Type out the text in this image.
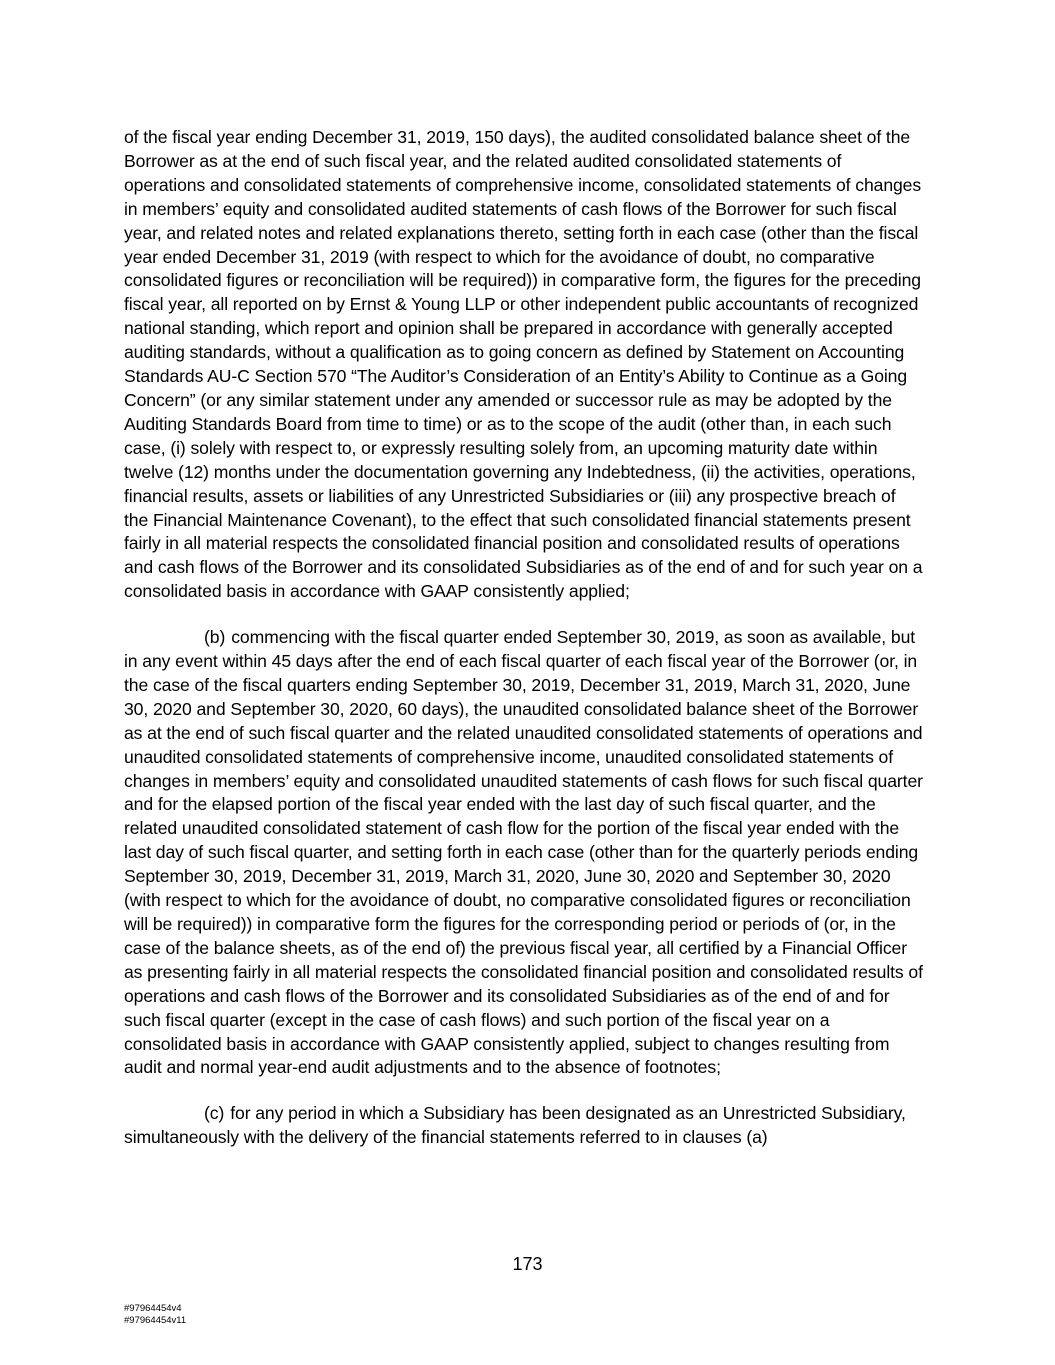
of the fiscal year ending December 31, 2019, 150 days), the audited consolidated balance sheet of the Borrower as at the end of such fiscal year, and the related audited consolidated statements of operations and consolidated statements of comprehensive income, consolidated statements of changes in members’ equity and consolidated audited statements of cash flows of the Borrower for such fiscal year, and related notes and related explanations thereto, setting forth in each case (other than the fiscal year ended December 31, 2019 (with respect to which for the avoidance of doubt, no comparative consolidated figures or reconciliation will be required)) in comparative form, the figures for the preceding fiscal year, all reported on by Ernst & Young LLP or other independent public accountants of recognized national standing, which report and opinion shall be prepared in accordance with generally accepted auditing standards, without a qualification as to going concern as defined by Statement on Accounting Standards AU-C Section 570 “The Auditor’s Consideration of an Entity’s Ability to Continue as a Going Concern” (or any similar statement under any amended or successor rule as may be adopted by the Auditing Standards Board from time to time) or as to the scope of the audit (other than, in each such case, (i) solely with respect to, or expressly resulting solely from, an upcoming maturity date within twelve (12) months under the documentation governing any Indebtedness, (ii) the activities, operations, financial results, assets or liabilities of any Unrestricted Subsidiaries or (iii) any prospective breach of the Financial Maintenance Covenant), to the effect that such consolidated financial statements present fairly in all material respects the consolidated financial position and consolidated results of operations and cash flows of the Borrower and its consolidated Subsidiaries as of the end of and for such year on a consolidated basis in accordance with GAAP consistently applied;

(b) commencing with the fiscal quarter ended September 30, 2019, as soon as available, but in any event within 45 days after the end of each fiscal quarter of each fiscal year of the Borrower (or, in the case of the fiscal quarters ending September 30, 2019, December 31, 2019, March 31, 2020, June 30, 2020 and September 30, 2020, 60 days), the unaudited consolidated balance sheet of the Borrower as at the end of such fiscal quarter and the related unaudited consolidated statements of operations and unaudited consolidated statements of comprehensive income, unaudited consolidated statements of changes in members’ equity and consolidated unaudited statements of cash flows for such fiscal quarter and for the elapsed portion of the fiscal year ended with the last day of such fiscal quarter, and the related unaudited consolidated statement of cash flow for the portion of the fiscal year ended with the last day of such fiscal quarter, and setting forth in each case (other than for the quarterly periods ending September 30, 2019, December 31, 2019, March 31, 2020, June 30, 2020 and September 30, 2020 (with respect to which for the avoidance of doubt, no comparative consolidated figures or reconciliation will be required)) in comparative form the figures for the corresponding period or periods of (or, in the case of the balance sheets, as of the end of) the previous fiscal year, all certified by a Financial Officer as presenting fairly in all material respects the consolidated financial position and consolidated results of operations and cash flows of the Borrower and its consolidated Subsidiaries as of the end of and for such fiscal quarter (except in the case of cash flows) and such portion of the fiscal year on a consolidated basis in accordance with GAAP consistently applied, subject to changes resulting from audit and normal year-end audit adjustments and to the absence of footnotes;

(c) for any period in which a Subsidiary has been designated as an Unrestricted Subsidiary, simultaneously with the delivery of the financial statements referred to in clauses (a)

173
#97964454v4
#97964454v11
